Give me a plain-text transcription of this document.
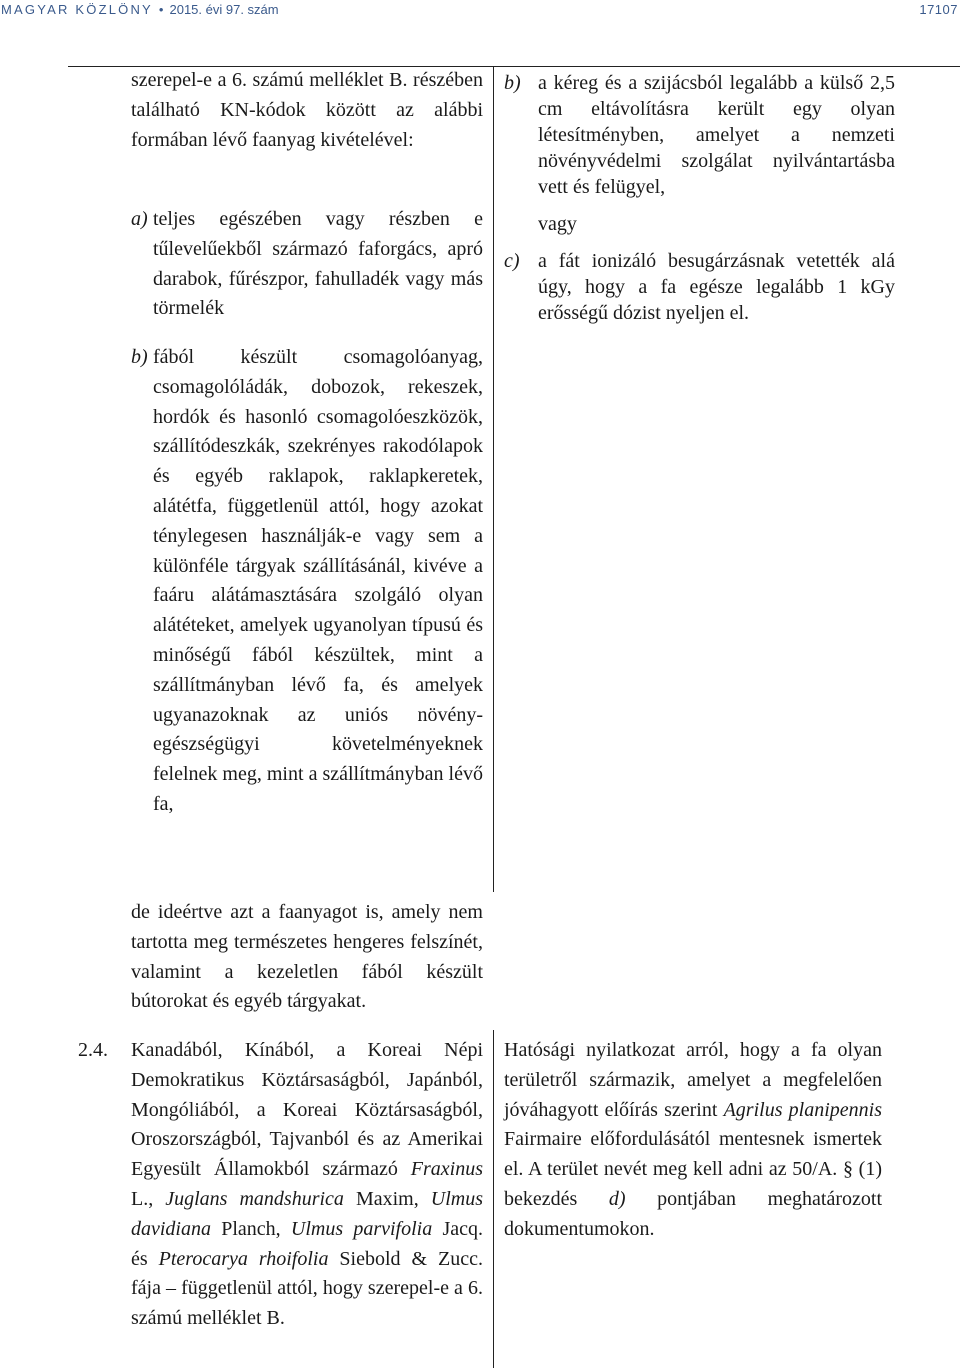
MAGYAR KÖZLÖNY • 2015. évi 97. szám	17107

szerepel-e a 6. számú melléklet B. részében található KN-kódok között az alábbi formában lévő faanyag kivételével:

a) teljes egészében vagy részben e tűlevelűekből származó faforgács, apró darabok, fűrészpor, fahulladék vagy más törmelék

b) fából készült csomagolóanyag, csomagolóládák, dobozok, rekeszek, hordók és hasonló csomagolóeszközök, szállítódeszkák, szekrényes rakodólapok és egyéb raklapok, raklapkeretek, alátétfa, függetlenül attól, hogy azokat ténylegesen használják-e vagy sem a különféle tárgyak szállításánál, kivéve a faáru alátámasztására szolgáló olyan alátéteket, amelyek ugyanolyan típusú és minőségű fából készültek, mint a szállítmányban lévő fa, és amelyek ugyanazoknak az uniós növény-egészségügyi követelményeknek felelnek meg, mint a szállítmányban lévő fa,

de ideértve azt a faanyagot is, amely nem tartotta meg természetes hengeres felszínét, valamint a kezeletlen fából készült bútorokat és egyéb tárgyakat.

b) a kéreg és a szijácsból legalább a külső 2,5 cm eltávolításra került egy olyan létesítményben, amelyet a nemzeti növényvédelmi szolgálat nyilvántartásba vett és felügyel,

vagy
c) a fát ionizáló besugárzásnak vetették alá úgy, hogy a fa egésze legalább 1 kGy erősségű dózist nyeljen el.

2.4. Kanadából, Kínából, a Koreai Népi Demokratikus Köztársaságból, Japánból, Mongóliából, a Koreai Köztársaságból, Oroszországból, Tajvanból és az Amerikai Egyesült Államokból származó Fraxinus L., Juglans mandshurica Maxim, Ulmus davidiana Planch, Ulmus parvifolia Jacq. és Pterocarya rhoifolia Siebold & Zucc. fája – függetlenül attól, hogy szerepel-e a 6. számú melléklet B.

Hatósági nyilatkozat arról, hogy a fa olyan területről származik, amelyet a megfelelően jóváhagyott előírás szerint Agrilus planipennis Fairmaire előfordulásától mentesnek ismertek el. A terület nevét meg kell adni az 50/A. § (1) bekezdés d) pontjában meghatározott dokumentumokon.
